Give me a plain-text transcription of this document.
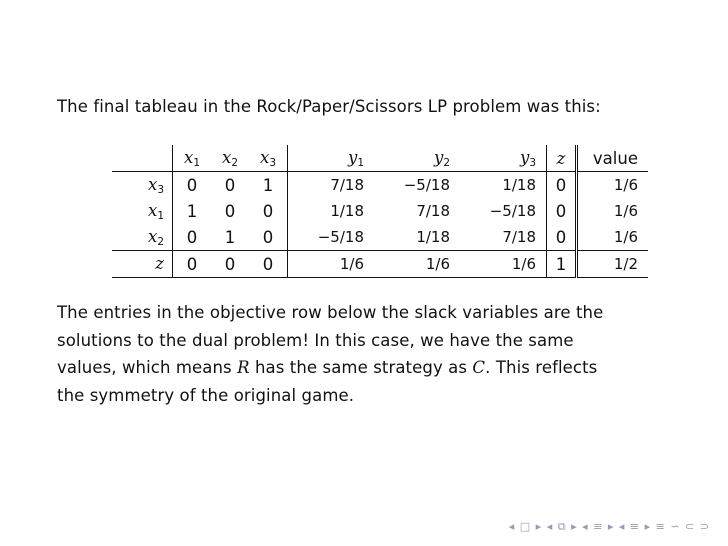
The final tableau in the Rock/Paper/Scissors LP problem was this:
	$x_1$	$x_2$	$x_3$	$y_1$	$y_2$	$y_3$	z	value
$x_3$	0	0	1	7/18	−5/18	1/18	0	1/6
$x_1$	1	0	0	1/18	7/18	−5/18	0	1/6
$x_2$	0	1	0	−5/18	1/18	7/18	0	1/6
z	0	0	0	1/6	1/6	1/6	1	1/2
The entries in the objective row below the slack variables are the
solutions to the dual problem! In this case, we have the same
values, which means R has the same strategy as C. This reflects
the symmetry of the original game.
◂ □ ▸ ◂ ⧉ ▸ ◂ ≡ ▸ ◂ ≡ ▸ ≡ ∽ ⊂ ⊃
